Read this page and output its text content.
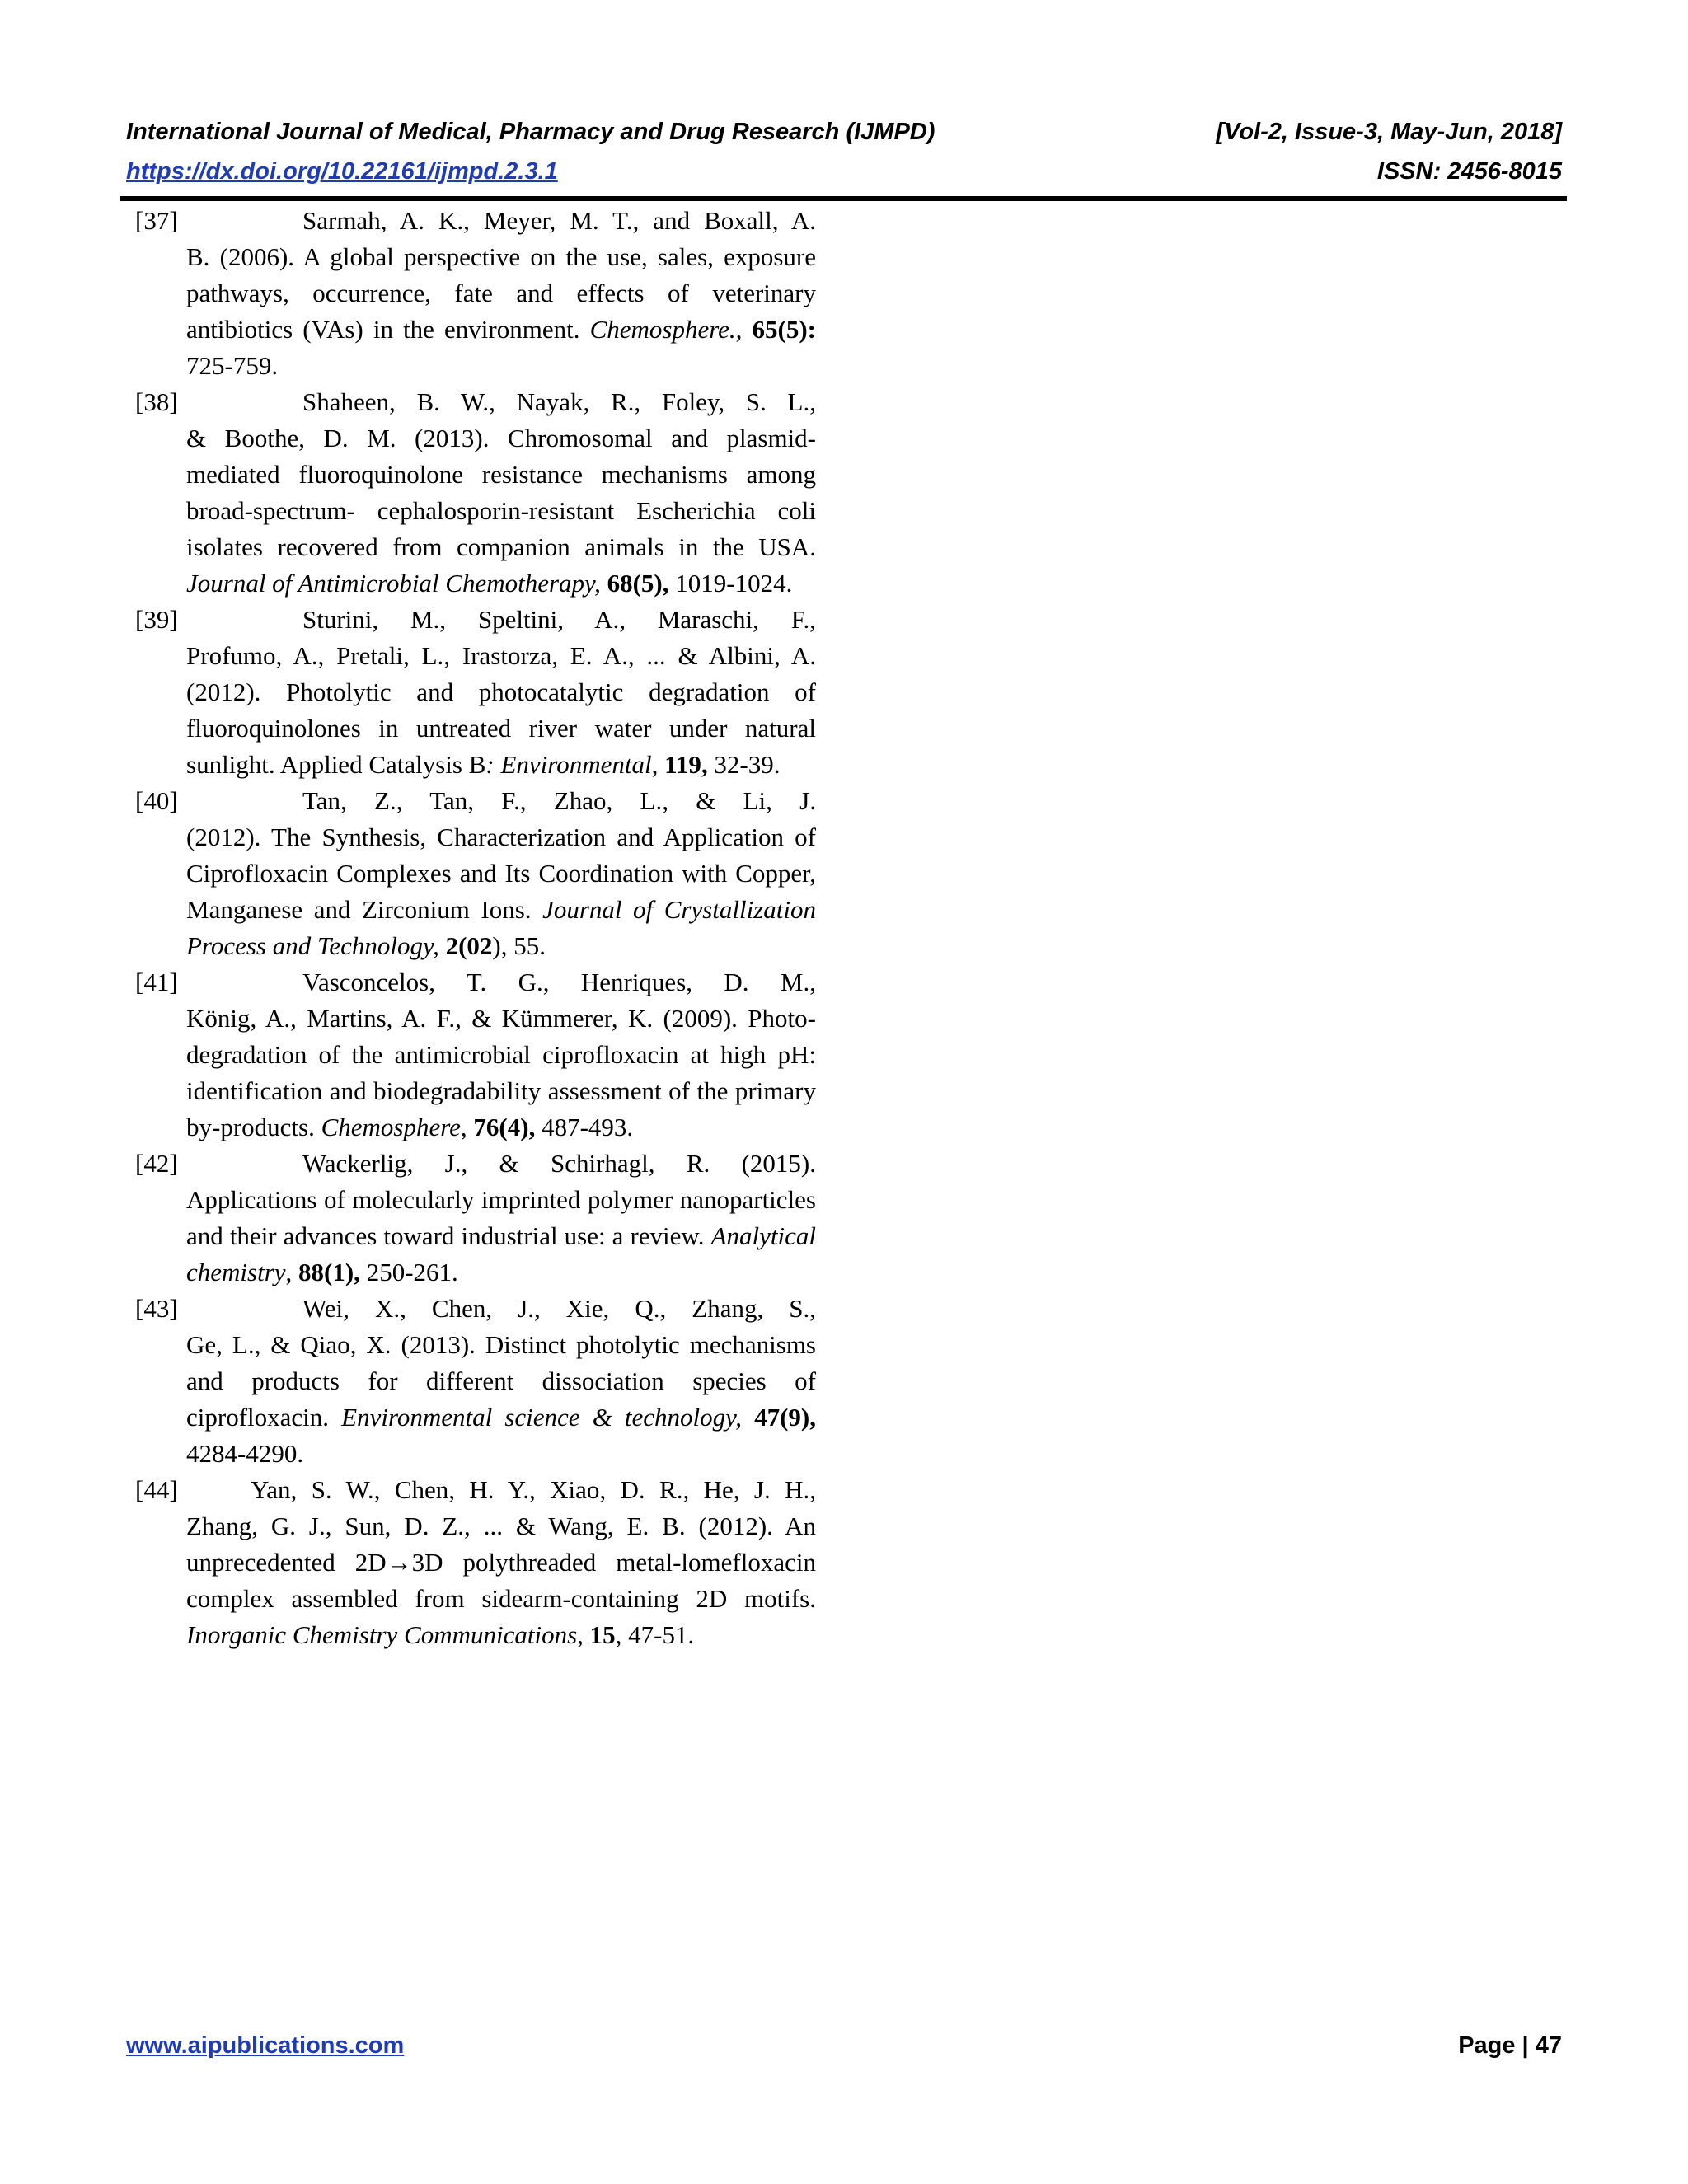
International Journal of Medical, Pharmacy and Drug Research (IJMPD)	[Vol-2, Issue-3, May-Jun, 2018]
https://dx.doi.org/10.22161/ijmpd.2.3.1	ISSN: 2456-8015
[37]	Sarmah, A. K., Meyer, M. T., and Boxall, A.
B. (2006). A global perspective on the use, sales, exposure pathways, occurrence, fate and effects of veterinary antibiotics (VAs) in the environment. Chemosphere., 65(5): 725-759.
[38]	Shaheen, B. W., Nayak, R., Foley, S. L.,
& Boothe, D. M. (2013). Chromosomal and plasmid-mediated fluoroquinolone resistance mechanisms among broad-spectrum- cephalosporin-resistant Escherichia coli isolates recovered from companion animals in the USA. Journal of Antimicrobial Chemotherapy, 68(5), 1019-1024.
[39]	Sturini, M., Speltini, A., Maraschi, F.,
Profumo, A., Pretali, L., Irastorza, E. A., ... & Albini, A. (2012). Photolytic and photocatalytic degradation of fluoroquinolones in untreated river water under natural sunlight. Applied Catalysis B: Environmental, 119, 32-39.
[40]	Tan, Z., Tan, F., Zhao, L., & Li, J.
(2012). The Synthesis, Characterization and Application of Ciprofloxacin Complexes and Its Coordination with Copper, Manganese and Zirconium Ions. Journal of Crystallization Process and Technology, 2(02), 55.
[41]	Vasconcelos, T. G., Henriques, D. M.,
König, A., Martins, A. F., & Kümmerer, K. (2009). Photo-degradation of the antimicrobial ciprofloxacin at high pH: identification and biodegradability assessment of the primary by-products. Chemosphere, 76(4), 487-493.
[42]	Wackerlig, J., & Schirhagl, R. (2015).
Applications of molecularly imprinted polymer nanoparticles and their advances toward industrial use: a review. Analytical chemistry, 88(1), 250-261.
[43]	Wei, X., Chen, J., Xie, Q., Zhang, S.,
Ge, L., & Qiao, X. (2013). Distinct photolytic mechanisms and products for different dissociation species of ciprofloxacin. Environmental science & technology, 47(9), 4284-4290.
[44]	Yan, S. W., Chen, H. Y., Xiao, D. R., He, J. H.,
Zhang, G. J., Sun, D. Z., ... & Wang, E. B. (2012). An unprecedented 2D→3D polythreaded metal-lomefloxacin complex assembled from sidearm-containing 2D motifs. Inorganic Chemistry Communications, 15, 47-51.
www.aipublications.com	Page | 47
